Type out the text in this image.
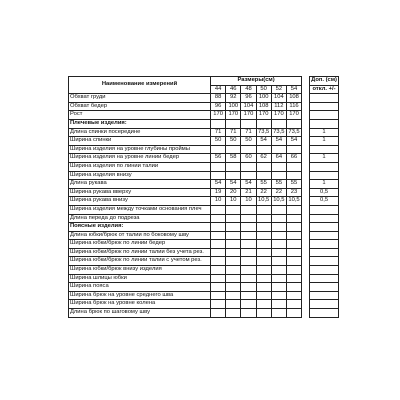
Наименование измерений	Размеры(см)							Доп. (см)
	44	46	48	50	52	54		откл. +/-
Обхват груди	88	92	96	100	104	108		
Обхват бедер	96	100	104	108	112	116		
Рост	170	170	170	170	170	170		
Плечевые изделия:								
Длина спинки посередине	71	71	71	73,5	73,5	73,5		1
Ширина спинки	50	50	50	54	54	54		1
Ширина изделия на уровне глубины проймы								
Ширина изделия на уровне линии бедер	56	58	60	62	64	66		1
Ширина изделия по линии талии								
Ширина изделия внизу								
Длина рукава	54	54	54	55	55	55		1
Ширина рукава вверху	19	20	21	22	22	23		0,5
Ширина рукава внизу	10	10	10	10,5	10,5	10,5		0,5
Ширина изделия между точками основания плеч								
Длина переда до подреза								
Поясные изделия:								
Длина юбки/брюк от талии по боковому шву								
Ширина юбки/брюк по линии бедер								
Ширина юбки/брюк по линии талии без учета рез.								
Ширина юбки/брюк по линии талии с учетом рез.								
Ширина юбки/брюк внизу изделия								
Ширина шлицы юбки								
Ширина пояса								
Ширина брюк на уровне среднего шва								
Ширина брюк на уровне колена								
Длина брюк по шаговому шву								
